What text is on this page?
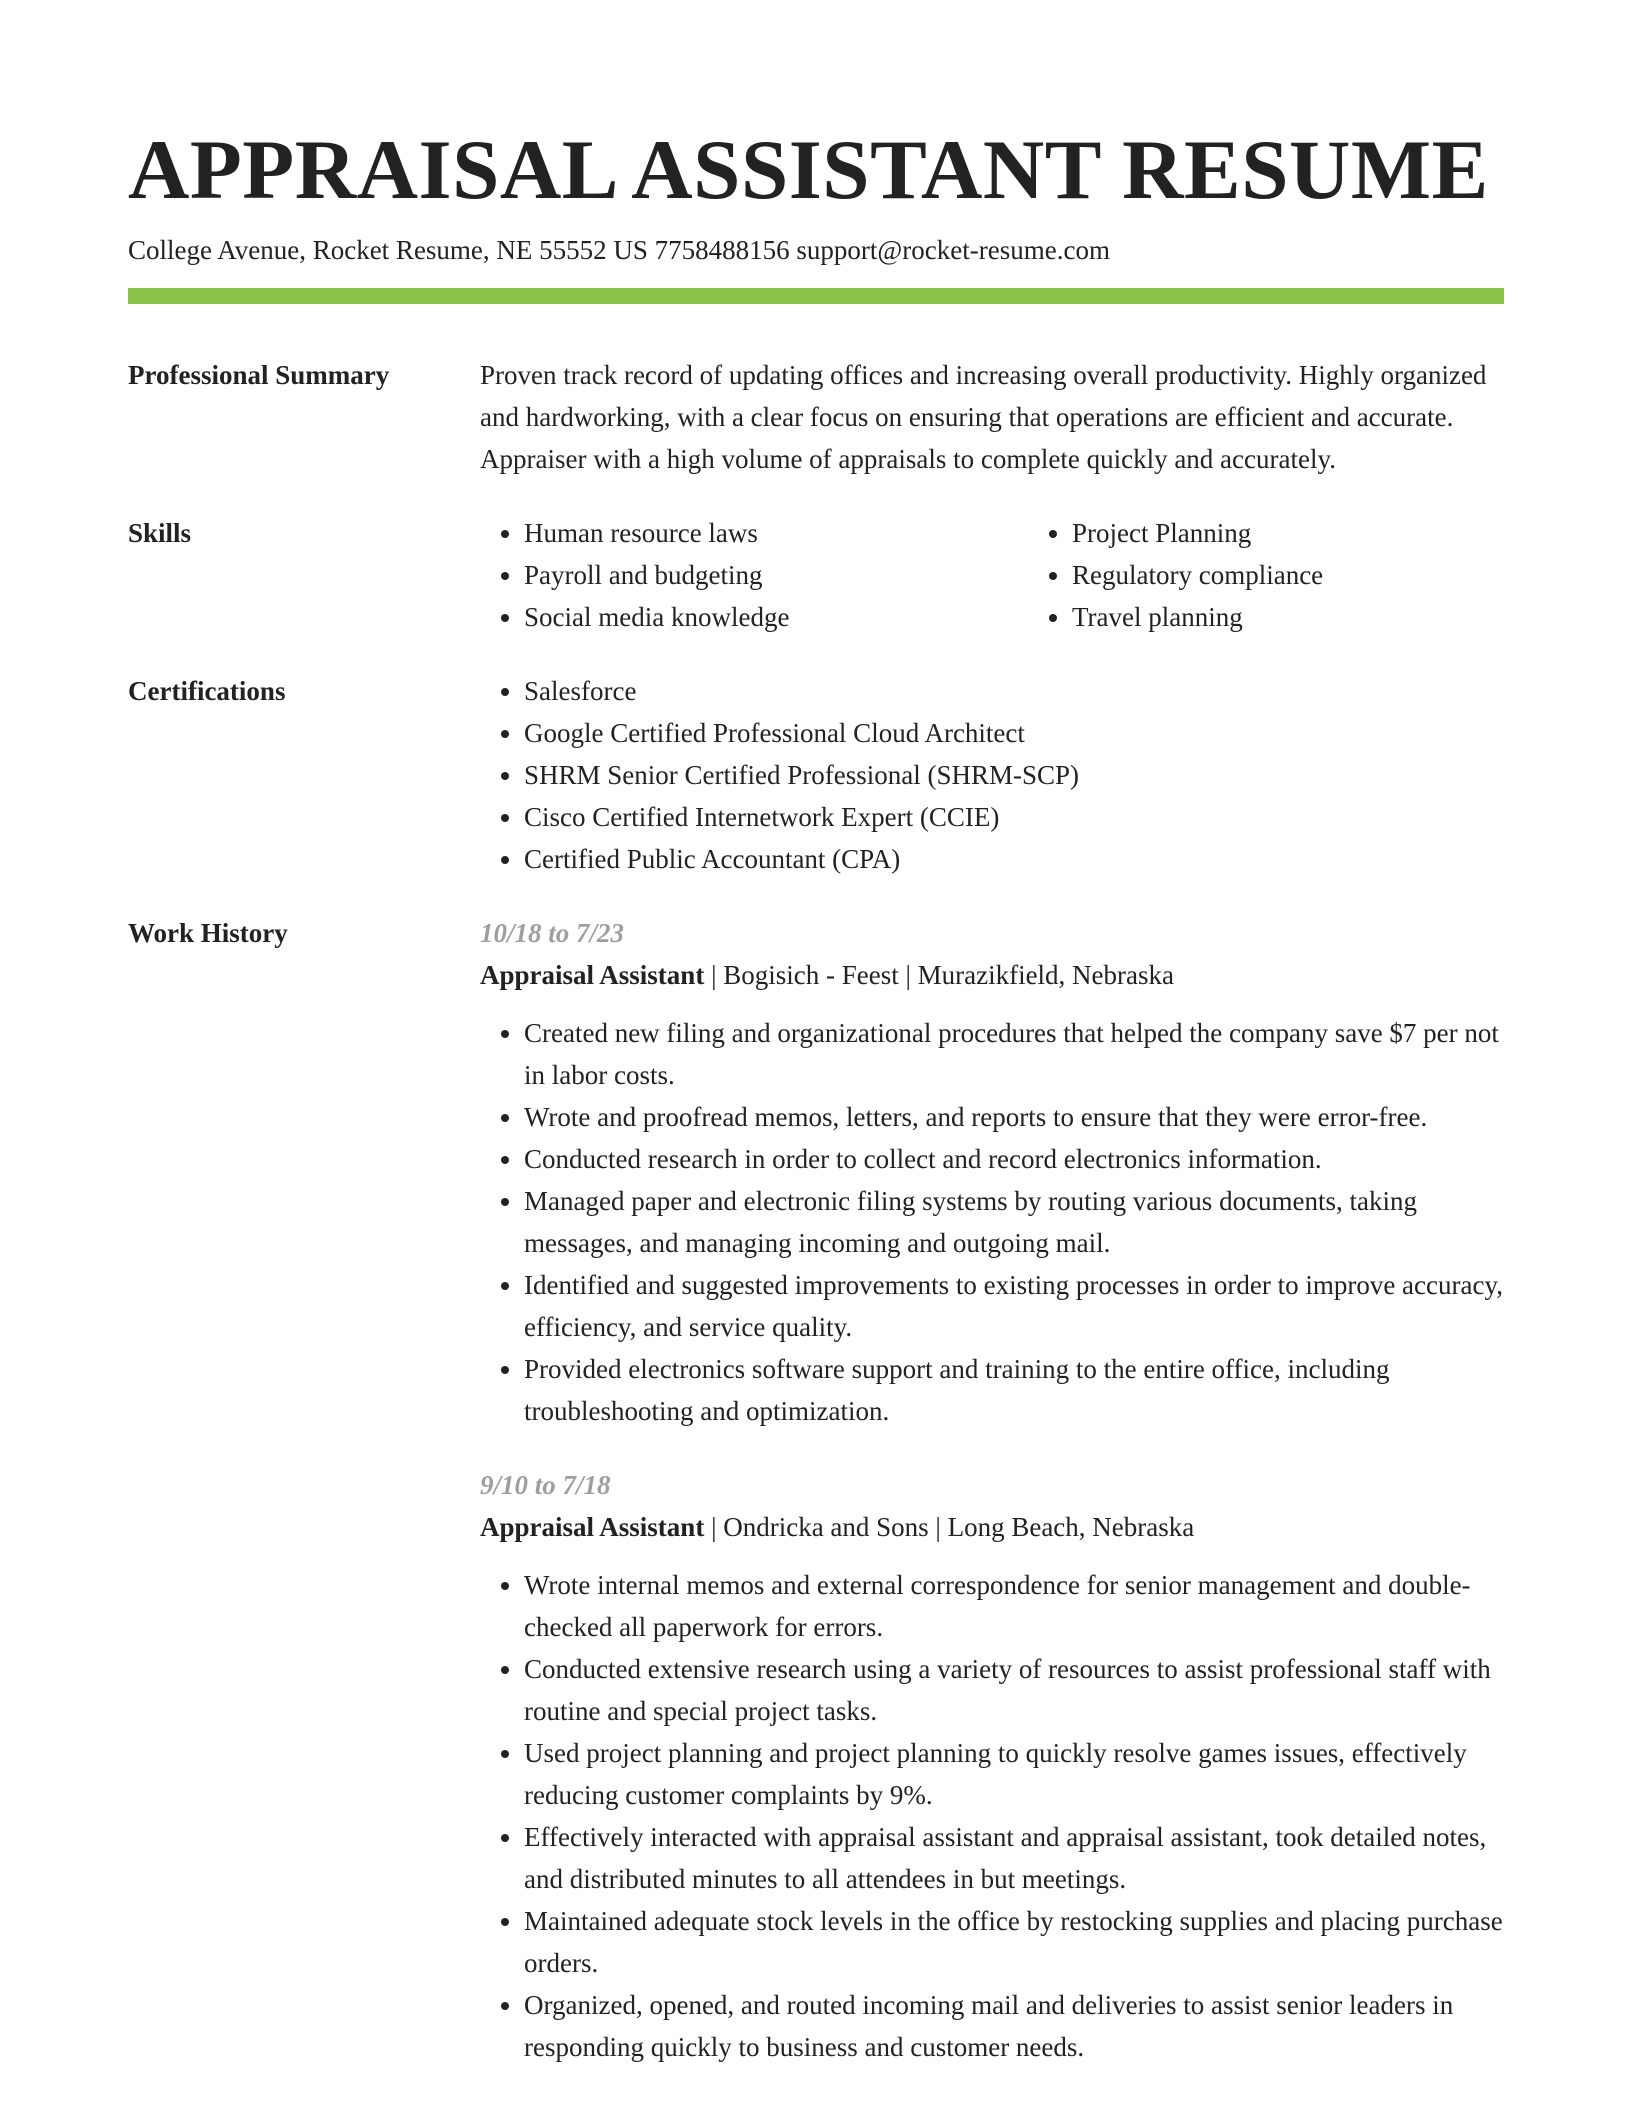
APPRAISAL ASSISTANT RESUME
College Avenue, Rocket Resume, NE 55552 US 7758488156 support@rocket-resume.com
Professional Summary	Proven track record of updating offices and increasing overall productivity. Highly organized and hardworking, with a clear focus on ensuring that operations are efficient and accurate. Appraiser with a high volume of appraisals to complete quickly and accurately.
Skills	• Human resource laws
• Payroll and budgeting
• Social media knowledge
• Project Planning
• Regulatory compliance
• Travel planning
Certifications	• Salesforce
• Google Certified Professional Cloud Architect
• SHRM Senior Certified Professional (SHRM-SCP)
• Cisco Certified Internetwork Expert (CCIE)
• Certified Public Accountant (CPA)
Work History	10/18 to 7/23
Appraisal Assistant | Bogisich - Feest | Murazikfield, Nebraska
• Created new filing and organizational procedures that helped the company save $7 per not in labor costs.
• Wrote and proofread memos, letters, and reports to ensure that they were error-free.
• Conducted research in order to collect and record electronics information.
• Managed paper and electronic filing systems by routing various documents, taking messages, and managing incoming and outgoing mail.
• Identified and suggested improvements to existing processes in order to improve accuracy, efficiency, and service quality.
• Provided electronics software support and training to the entire office, including troubleshooting and optimization.
9/10 to 7/18
Appraisal Assistant | Ondricka and Sons | Long Beach, Nebraska
• Wrote internal memos and external correspondence for senior management and double-checked all paperwork for errors.
• Conducted extensive research using a variety of resources to assist professional staff with routine and special project tasks.
• Used project planning and project planning to quickly resolve games issues, effectively reducing customer complaints by 9%.
• Effectively interacted with appraisal assistant and appraisal assistant, took detailed notes, and distributed minutes to all attendees in but meetings.
• Maintained adequate stock levels in the office by restocking supplies and placing purchase orders.
• Organized, opened, and routed incoming mail and deliveries to assist senior leaders in responding quickly to business and customer needs.
